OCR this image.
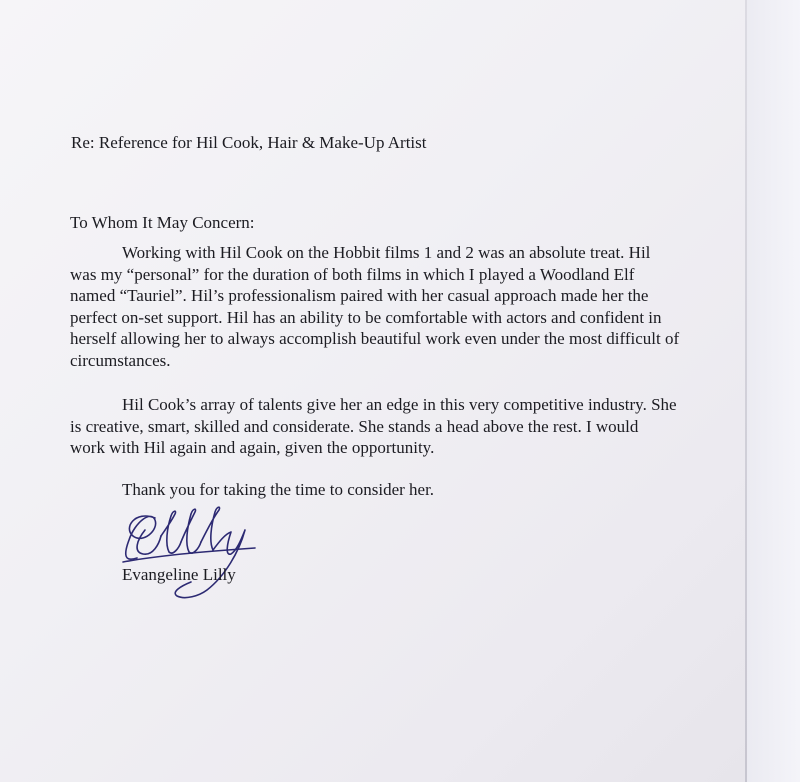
Re: Reference for Hil Cook, Hair & Make-Up Artist
To Whom It May Concern:
Working with Hil Cook on the Hobbit films 1 and 2 was an absolute treat. Hil
was my “personal” for the duration of both films in which I played a Woodland Elf
named “Tauriel”. Hil’s professionalism paired with her casual approach made her the
perfect on-set support. Hil has an ability to be comfortable with actors and confident in
herself allowing her to always accomplish beautiful work even under the most difficult of
circumstances.
Hil Cook’s array of talents give her an edge in this very competitive industry. She
is creative, smart, skilled and considerate. She stands a head above the rest. I would
work with Hil again and again, given the opportunity.
Thank you for taking the time to consider her.
Evangeline Lilly
